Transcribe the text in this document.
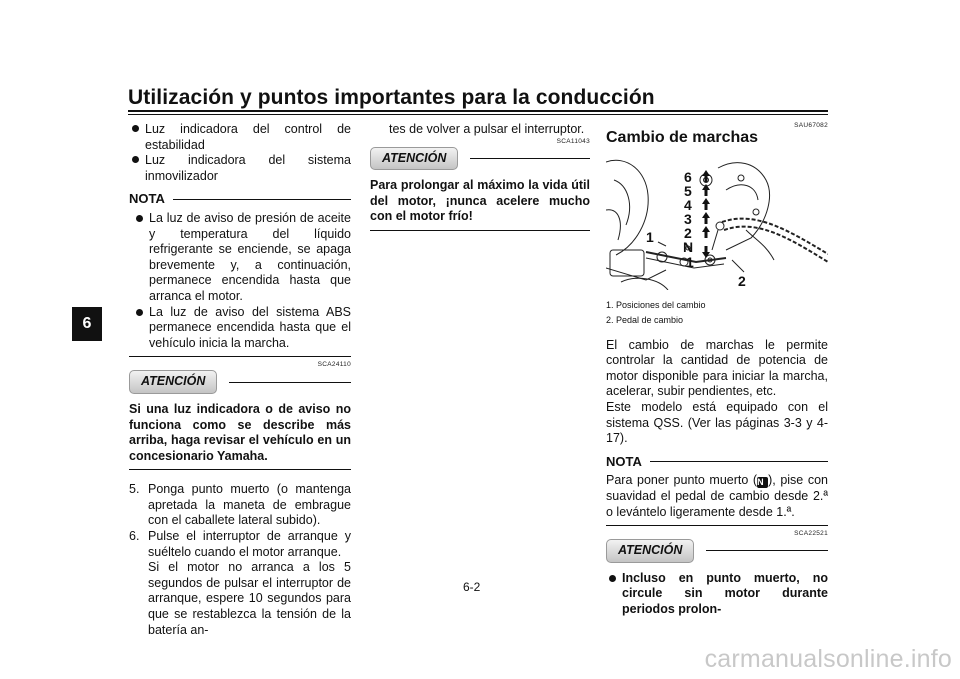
Utilización y puntos importantes para la conducción
6
Luz indicadora del control de estabilidad
Luz indicadora del sistema inmovilizador
NOTA
La luz de aviso de presión de aceite y temperatura del líquido refrigerante se enciende, se apaga brevemente y, a continuación, permanece encendida hasta que arranca el motor.
La luz de aviso del sistema ABS permanece encendida hasta que el vehículo inicia la marcha.
SCA24110
ATENCIÓN

Si una luz indicadora o de aviso no funciona como se describe más arriba, haga revisar el vehículo en un concesionario Yamaha.

5. Ponga punto muerto (o mantenga apretada la maneta de embrague con el caballete lateral subido).
6. Pulse el interruptor de arranque y suéltelo cuando el motor arranque.
Si el motor no arranca a los 5 segundos de pulsar el interruptor de arranque, espere 10 segundos para que se restablezca la tensión de la batería an-

tes de volver a pulsar el interruptor.

SCA11043
ATENCIÓN

Para prolongar al máximo la vida útil del motor, ¡nunca acelere mucho con el motor frío!

SAU67082
Cambio de marchas
6
5
4
3
2
N
1
1
2
1. Posiciones del cambio
2. Pedal de cambio

El cambio de marchas le permite controlar la cantidad de potencia de motor disponible para iniciar la marcha, acelerar, subir pendientes, etc.

Este modelo está equipado con el sistema QSS. (Ver las páginas 3-3 y 4-17).

NOTA

Para poner punto muerto (N ), pise con suavidad el pedal de cambio desde 2.ª o levántelo ligeramente desde 1.ª.

SCA22521
ATENCIÓN
Incluso en punto muerto, no circule sin motor durante periodos prolon-
6-2
carmanualsonline.info
